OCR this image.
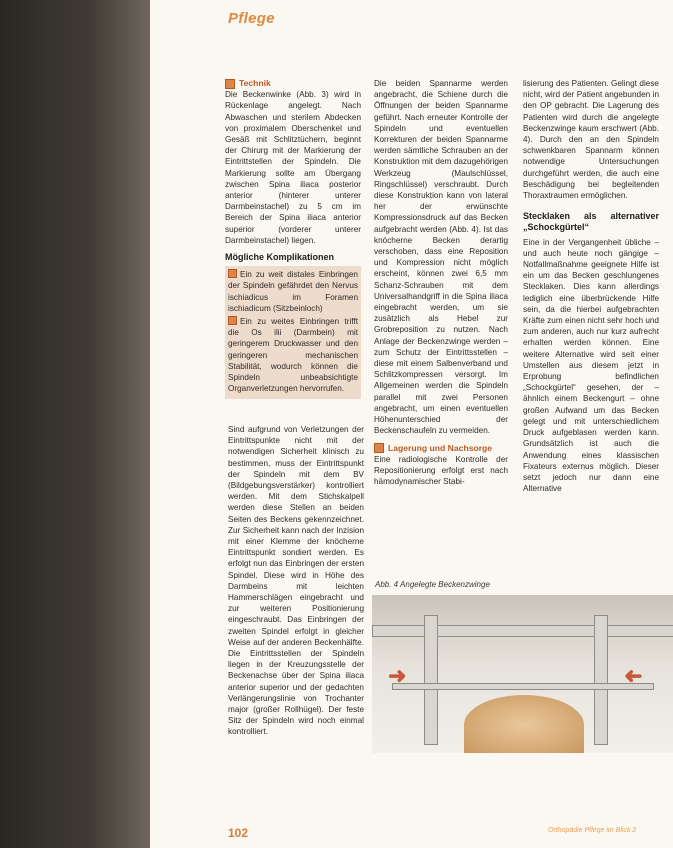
Pflege
Technik

Die Beckenwinke (Abb. 3) wird in Rückenlage angelegt. Nach Abwaschen und sterilem Abdecken von proximalem Oberschenkel und Gesäß mit Schlitztüchern, beginnt der Chirurg mit der Markierung der Eintrittstellen der Spindeln. Die Markierung sollte am Übergang zwischen Spina iliaca posterior anterior (hinterer unterer Darmbeinstachel) zu 5 cm im Bereich der Spina iliaca anterior superior (vorderer unterer Darmbeinstachel) liegen.

Mögliche Komplikationen

Ein zu weit distales Einbringen der Spindeln gefährdet den Nervus ischiadicus im Foramen ischiadicum (Sitzbeinloch)

Ein zu weites Einbringen trifft die Os ilii (Darmbein) mit geringerem Druckwasser und den geringeren mechanischen Stabilität, wodurch können die Spindeln unbeabsichtigte Organverletzungen hervorrufen.

Sind aufgrund von Verletzungen der Eintrittspunkte nicht mit der notwendigen Sicherheit klinisch zu bestimmen, muss der Eintrittspunkt der Spindeln mit dem BV (Bildgebungsverstärker) kontrolliert werden. Mit dem Stichskalpell werden diese Stellen an beiden Seiten des Beckens gekennzeichnet. Zur Sicherheit kann nach der Inzision mit einer Klemme der knöcherne Eintrittspunkt sondiert werden. Es erfolgt nun das Einbringen der ersten Spindel. Diese wird in Höhe des Darmbeins mit leichten Hammerschlägen eingebracht und zur weiteren Positionierung eingeschraubt. Das Einbringen der zweiten Spindel erfolgt in gleicher Weise auf der anderen Beckenhälfte. Die Eintrittsstellen der Spindeln liegen in der Kreuzungsstelle der Beckenachse über der Spina iliaca anterior superior und der gedachten Verlängerungslinie von Trochanter major (großer Rollhügel). Der feste Sitz der Spindeln wird noch einmal kontrolliert.

Die beiden Spannarme werden angebracht, die Schiene durch die Öffnungen der beiden Spannarme geführt. Nach erneuter Kontrolle der Spindeln und eventuellen Korrekturen der beiden Spannarme werden sämtliche Schrauben an der Konstruktion mit dem dazugehörigen Werkzeug (Maulschlüssel, Ringschlüssel) verschraubt. Durch diese Konstruktion kann von lateral her der erwünschte Kompressionsdruck auf das Becken aufgebracht werden (Abb. 4). Ist das knöcherne Becken derartig verschoben, dass eine Reposition und Kompression nicht möglich erscheint, können zwei 6,5 mm Schanz-Schrauben mit dem Universalhandgriff in die Spina iliaca eingebracht werden, um sie zusätzlich als Hebel zur Grobreposition zu nutzen. Nach Anlage der Beckenzwinge werden – zum Schutz der Eintrittsstellen – diese mit einem Salbenverband und Schlitzkompressen versorgt. Im Allgemeinen werden die Spindeln parallel mit zwei Personen angebracht, um einen eventuellen Höhenunterschied der Beckenschaufeln zu vermeiden.

Lagerung und Nachsorge

Eine radiologische Kontrolle der Repositionierung erfolgt erst nach hämodynamischer Stabi-

lisierung des Patienten. Gelingt diese nicht, wird der Patient angebunden in den OP gebracht. Die Lagerung des Patienten wird durch die angelegte Beckenzwinge kaum erschwert (Abb. 4). Durch den an den Spindeln schwenkbaren Spannarm können notwendige Untersuchungen durchgeführt werden, die auch eine Beschädigung bei begleitenden Thoraxtraumen ermöglichen.

Stecklaken als alternativer „Schockgürtel“

Eine in der Vergangenheit übliche – und auch heute noch gängige – Notfallmaßnahme geeignete Hilfe ist ein um das Becken geschlungenes Stecklaken. Dies kann allerdings lediglich eine überbrückende Hilfe sein, da die hierbei aufgebrachten Kräfte zum einen nicht sehr hoch und zum anderen, auch nur kurz aufrecht erhalten werden können. Eine weitere Alternative wird seit einer Umstellen aus diesem jetzt in Erprobung befindlichen „Schockgürtel“ gesehen, der – ähnlich einem Beckengurt – ohne großen Aufwand um das Becken gelegt und mit unterschiedlichem Druck aufgeblasen werden kann. Grundsätzlich ist auch die Anwendung eines klassischen Fixateurs externus möglich. Dieser setzt jedoch nur dann eine Alternative

Abb. 4 Angelegte Beckenzwinge
➜	➜
102	Orthopädie Pflege im Blick 2
